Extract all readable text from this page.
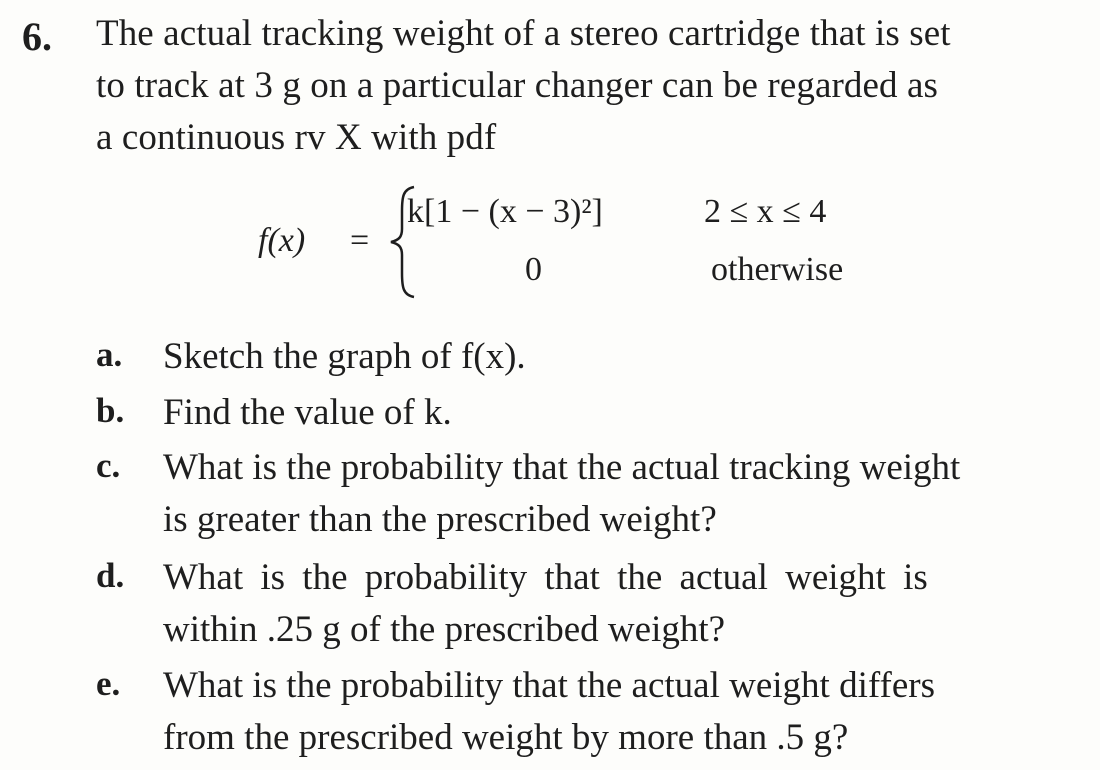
6. The actual tracking weight of a stereo cartridge that is set
to track at 3 g on a particular changer can be regarded as
a continuous rv X with pdf
f(x) =
k[1 − (x − 3)²]	2 ≤ x ≤ 4
0	otherwise
a. Sketch the graph of f(x).
b. Find the value of k.
c. What is the probability that the actual tracking weight
is greater than the prescribed weight?
d. What is the probability that the actual weight is
within .25 g of the prescribed weight?
e. What is the probability that the actual weight differs
from the prescribed weight by more than .5 g?
